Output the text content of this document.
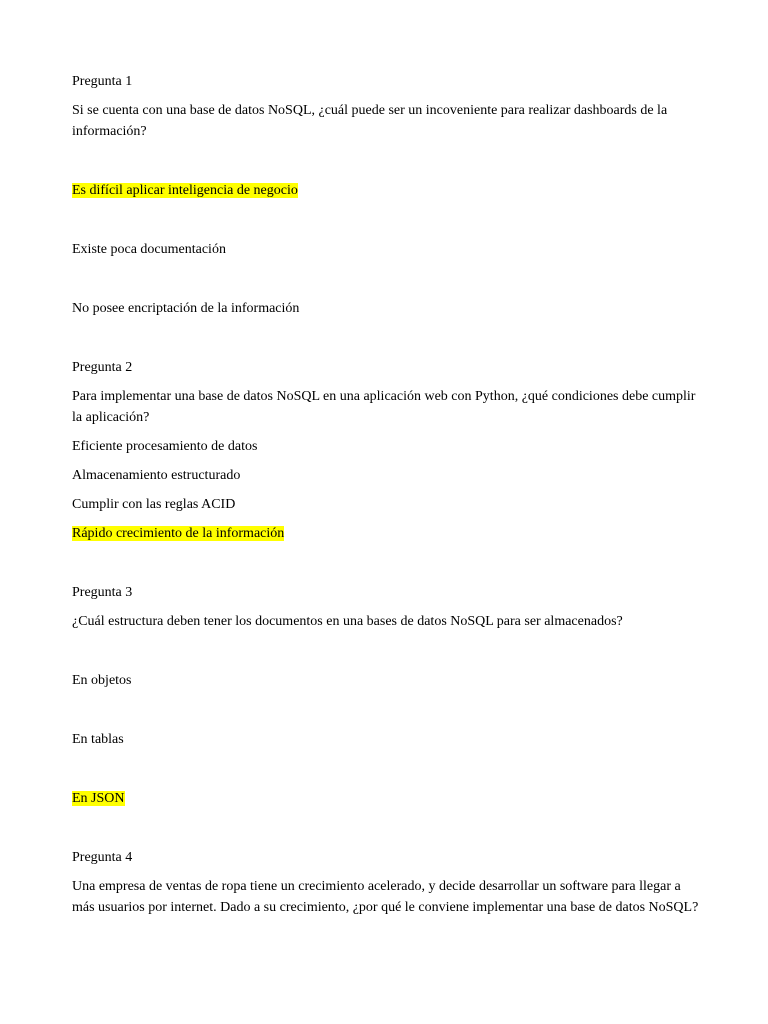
Pregunta 1

Si se cuenta con una base de datos NoSQL, ¿cuál puede ser un incoveniente para realizar dashboards de la información?

Es difícil aplicar inteligencia de negocio

Existe poca documentación

No posee encriptación de la información

Pregunta 2

Para implementar una base de datos NoSQL en una aplicación web con Python, ¿qué condiciones debe cumplir la aplicación?

Eficiente procesamiento de datos

Almacenamiento estructurado

Cumplir con las reglas ACID

Rápido crecimiento de la información

Pregunta 3

¿Cuál estructura deben tener los documentos en una bases de datos NoSQL para ser almacenados?

En objetos

En tablas

En JSON

Pregunta 4

Una empresa de ventas de ropa tiene un crecimiento acelerado, y decide desarrollar un software para llegar a más usuarios por internet. Dado a su crecimiento, ¿por qué le conviene implementar una base de datos NoSQL?
